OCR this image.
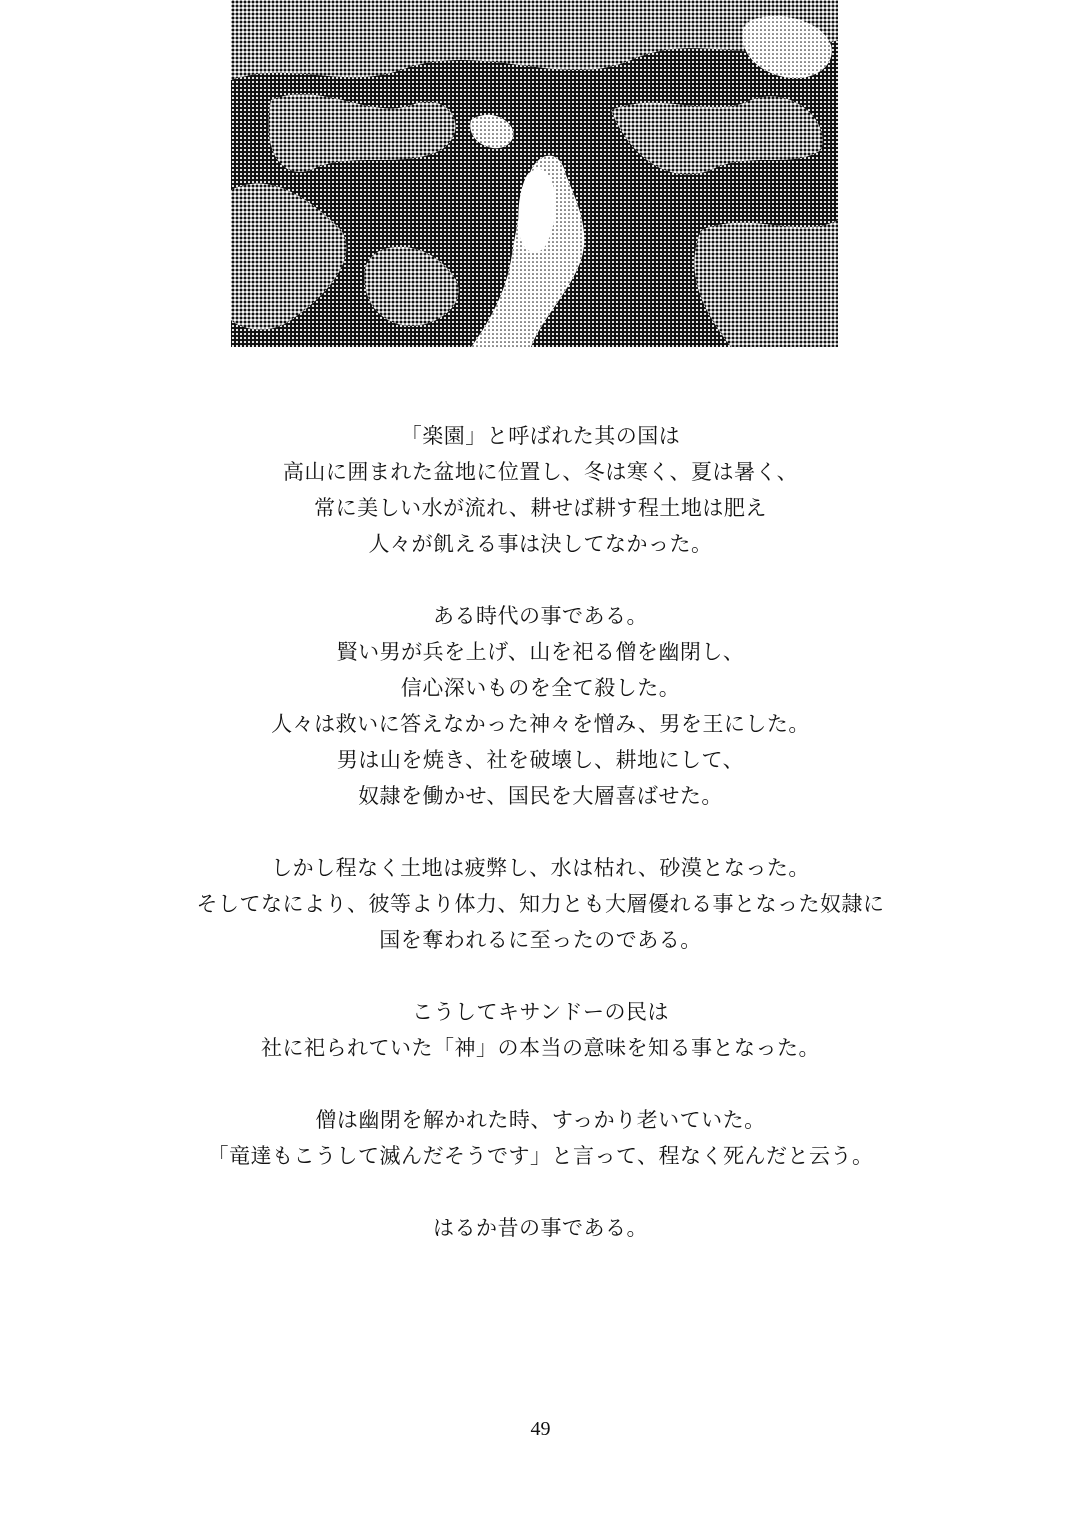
「楽園」と呼ばれた其の国は
高山に囲まれた盆地に位置し、冬は寒く、夏は暑く、
常に美しい水が流れ、耕せば耕す程土地は肥え
人々が飢える事は決してなかった。

ある時代の事である。
賢い男が兵を上げ、山を祀る僧を幽閉し、
信心深いものを全て殺した。
人々は救いに答えなかった神々を憎み、男を王にした。
男は山を焼き、社を破壊し、耕地にして、
奴隷を働かせ、国民を大層喜ばせた。

しかし程なく土地は疲弊し、水は枯れ、砂漠となった。
そしてなにより、彼等より体力、知力とも大層優れる事となった奴隷に
国を奪われるに至ったのである。

こうしてキサンドーの民は
社に祀られていた「神」の本当の意味を知る事となった。

僧は幽閉を解かれた時、すっかり老いていた。
「竜達もこうして滅んだそうです」と言って、程なく死んだと云う。

はるか昔の事である。

49
